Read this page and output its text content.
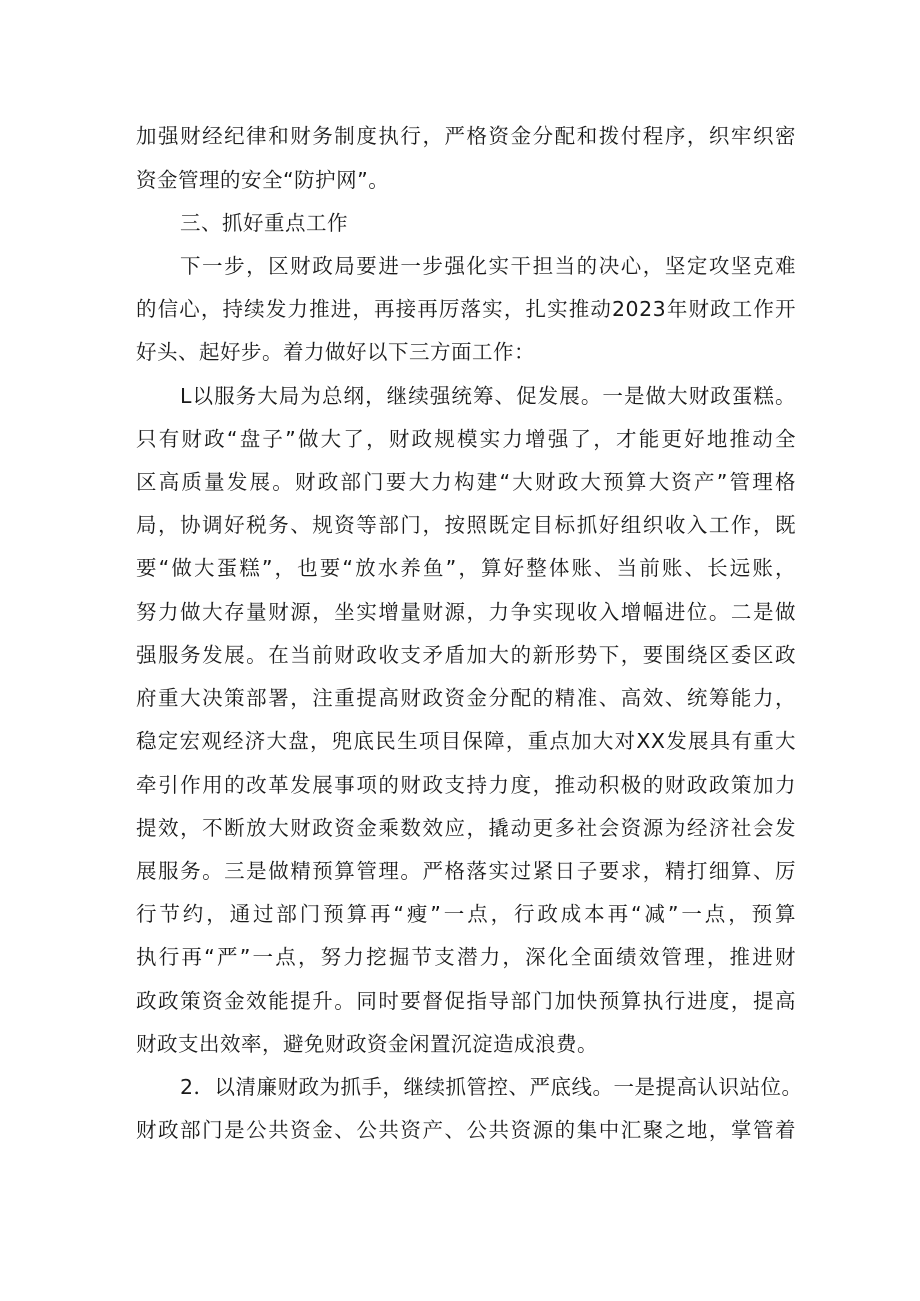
加强财经纪律和财务制度执行，严格资金分配和拨付程序，织牢织密
资金管理的安全“防护网”。
三、抓好重点工作
下一步，区财政局要进一步强化实干担当的决心，坚定攻坚克难
的信心，持续发力推进，再接再厉落实，扎实推动2023年财政工作开
好头、起好步。着力做好以下三方面工作：
L以服务大局为总纲，继续强统筹、促发展。一是做大财政蛋糕。
只有财政“盘子”做大了，财政规模实力增强了，才能更好地推动全
区高质量发展。财政部门要大力构建“大财政大预算大资产”管理格
局，协调好税务、规资等部门，按照既定目标抓好组织收入工作，既
要“做大蛋糕”，也要“放水养鱼”，算好整体账、当前账、长远账，
努力做大存量财源，坐实增量财源，力争实现收入增幅进位。二是做
强服务发展。在当前财政收支矛盾加大的新形势下，要围绕区委区政
府重大决策部署，注重提高财政资金分配的精准、高效、统筹能力，
稳定宏观经济大盘，兜底民生项目保障，重点加大对XX发展具有重大
牵引作用的改革发展事项的财政支持力度，推动积极的财政政策加力
提效，不断放大财政资金乘数效应，撬动更多社会资源为经济社会发
展服务。三是做精预算管理。严格落实过紧日子要求，精打细算、厉
行节约，通过部门预算再“瘦”一点，行政成本再“减”一点，预算
执行再“严”一点，努力挖掘节支潜力，深化全面绩效管理，推进财
政政策资金效能提升。同时要督促指导部门加快预算执行进度，提高
财政支出效率，避免财政资金闲置沉淀造成浪费。
2．以清廉财政为抓手，继续抓管控、严底线。一是提高认识站位。
财政部门是公共资金、公共资产、公共资源的集中汇聚之地，掌管着
